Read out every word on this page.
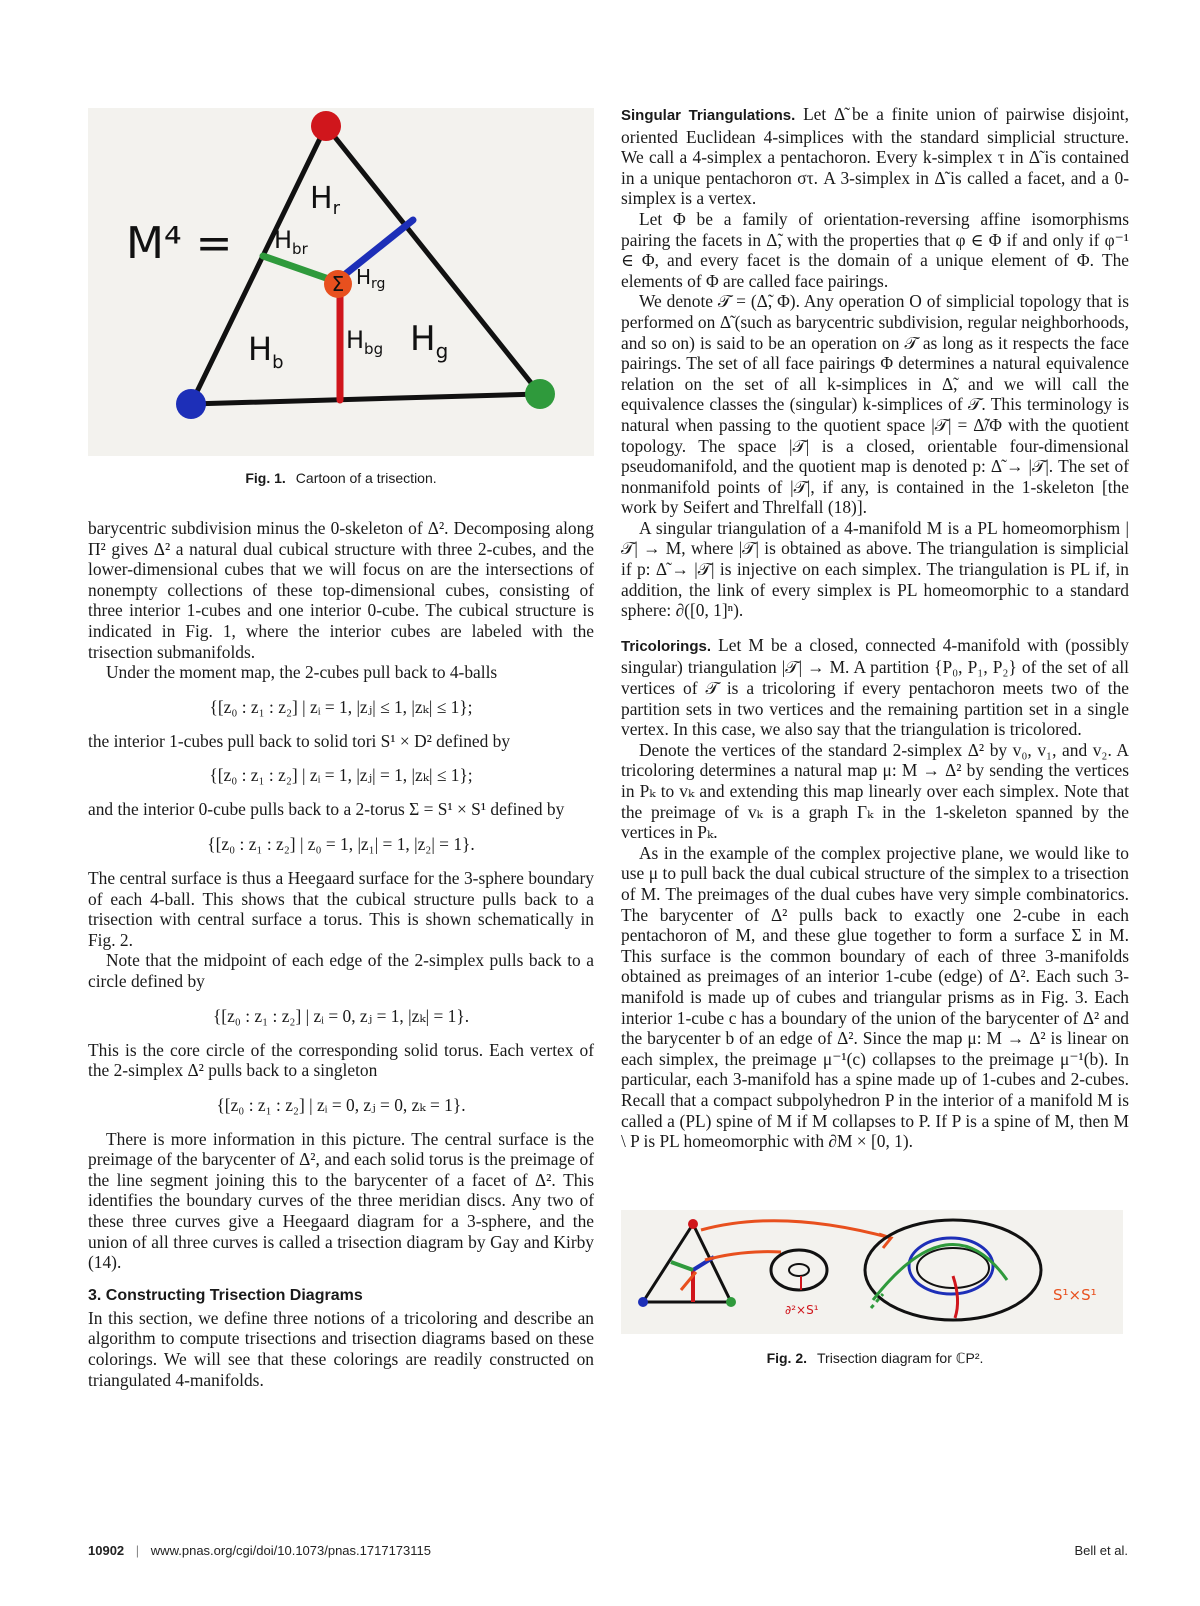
Σ
M⁴ =
$H_r$
$H_{br}$
$H_{rg}$
$H_b$
$H_{bg}$ $H_g$
Fig. 1. Cartoon of a trisection.

barycentric subdivision minus the 0-skeleton of Δ². Decomposing along Π² gives Δ² a natural dual cubical structure with three 2-cubes, and the lower-dimensional cubes that we will focus on are the intersections of nonempty collections of these top-dimensional cubes, consisting of three interior 1-cubes and one interior 0-cube. The cubical structure is indicated in Fig. 1, where the interior cubes are labeled with the trisection submanifolds.

Under the moment map, the 2-cubes pull back to 4-balls

{[z₀ : z₁ : z₂] | zᵢ = 1, |zⱼ| ≤ 1, |zₖ| ≤ 1};

the interior 1-cubes pull back to solid tori S¹ × D² defined by

{[z₀ : z₁ : z₂] | zᵢ = 1, |zⱼ| = 1, |zₖ| ≤ 1};

and the interior 0-cube pulls back to a 2-torus Σ = S¹ × S¹ defined by

{[z₀ : z₁ : z₂] | z₀ = 1, |z₁| = 1, |z₂| = 1}.

The central surface is thus a Heegaard surface for the 3-sphere boundary of each 4-ball. This shows that the cubical structure pulls back to a trisection with central surface a torus. This is shown schematically in Fig. 2.

Note that the midpoint of each edge of the 2-simplex pulls back to a circle defined by

{[z₀ : z₁ : z₂] | zᵢ = 0, zⱼ = 1, |zₖ| = 1}.

This is the core circle of the corresponding solid torus. Each vertex of the 2-simplex Δ² pulls back to a singleton

{[z₀ : z₁ : z₂] | zᵢ = 0, zⱼ = 0, zₖ = 1}.

There is more information in this picture. The central surface is the preimage of the barycenter of Δ², and each solid torus is the preimage of the line segment joining this to the barycenter of a facet of Δ². This identifies the boundary curves of the three meridian discs. Any two of these three curves give a Heegaard diagram for a 3-sphere, and the union of all three curves is called a trisection diagram by Gay and Kirby (14).

3. Constructing Trisection Diagrams

In this section, we define three notions of a tricoloring and describe an algorithm to compute trisections and trisection diagrams based on these colorings. We will see that these colorings are readily constructed on triangulated 4-manifolds.

Singular Triangulations. Let Δ̃ be a finite union of pairwise disjoint, oriented Euclidean 4-simplices with the standard simplicial structure. We call a 4-simplex a pentachoron. Every k-simplex τ in Δ̃ is contained in a unique pentachoron στ. A 3-simplex in Δ̃ is called a facet, and a 0-simplex is a vertex.

Let Φ be a family of orientation-reversing affine isomorphisms pairing the facets in Δ̃, with the properties that φ ∈ Φ if and only if φ⁻¹ ∈ Φ, and every facet is the domain of a unique element of Φ. The elements of Φ are called face pairings.

We denote 𝒯 = (Δ̃, Φ). Any operation O of simplicial topology that is performed on Δ̃ (such as barycentric subdivision, regular neighborhoods, and so on) is said to be an operation on 𝒯 as long as it respects the face pairings. The set of all face pairings Φ determines a natural equivalence relation on the set of all k-simplices in Δ̃, and we will call the equivalence classes the (singular) k-simplices of 𝒯. This terminology is natural when passing to the quotient space |𝒯| = Δ̃/Φ with the quotient topology. The space |𝒯| is a closed, orientable four-dimensional pseudomanifold, and the quotient map is denoted p: Δ̃ → |𝒯|. The set of nonmanifold points of |𝒯|, if any, is contained in the 1-skeleton [the work by Seifert and Threlfall (18)].

A singular triangulation of a 4-manifold M is a PL homeomorphism |𝒯| → M, where |𝒯| is obtained as above. The triangulation is simplicial if p: Δ̃ → |𝒯| is injective on each simplex. The triangulation is PL if, in addition, the link of every simplex is PL homeomorphic to a standard sphere: ∂([0, 1]ⁿ).

Tricolorings. Let M be a closed, connected 4-manifold with (possibly singular) triangulation |𝒯| → M. A partition {P₀, P₁, P₂} of the set of all vertices of 𝒯 is a tricoloring if every pentachoron meets two of the partition sets in two vertices and the remaining partition set in a single vertex. In this case, we also say that the triangulation is tricolored.

Denote the vertices of the standard 2-simplex Δ² by v₀, v₁, and v₂. A tricoloring determines a natural map μ: M → Δ² by sending the vertices in Pₖ to vₖ and extending this map linearly over each simplex. Note that the preimage of vₖ is a graph Γₖ in the 1-skeleton spanned by the vertices in Pₖ.

As in the example of the complex projective plane, we would like to use μ to pull back the dual cubical structure of the simplex to a trisection of M. The preimages of the dual cubes have very simple combinatorics. The barycenter of Δ² pulls back to exactly one 2-cube in each pentachoron of M, and these glue together to form a surface Σ in M. This surface is the common boundary of each of three 3-manifolds obtained as preimages of an interior 1-cube (edge) of Δ². Each such 3-manifold is made up of cubes and triangular prisms as in Fig. 3. Each interior 1-cube c has a boundary of the union of the barycenter of Δ² and the barycenter b of an edge of Δ². Since the map μ: M → Δ² is linear on each simplex, the preimage μ⁻¹(c) collapses to the preimage μ⁻¹(b). In particular, each 3-manifold has a spine made up of 1-cubes and 2-cubes. Recall that a compact subpolyhedron P in the interior of a manifold M is called a (PL) spine of M if M collapses to P. If P is a spine of M, then M \ P is PL homeomorphic with ∂M × [0, 1).

∂²×S¹
S¹×S¹
Fig. 2. Trisection diagram for ℂP².
10902 | www.pnas.org/cgi/doi/10.1073/pnas.1717173115	Bell et al.
